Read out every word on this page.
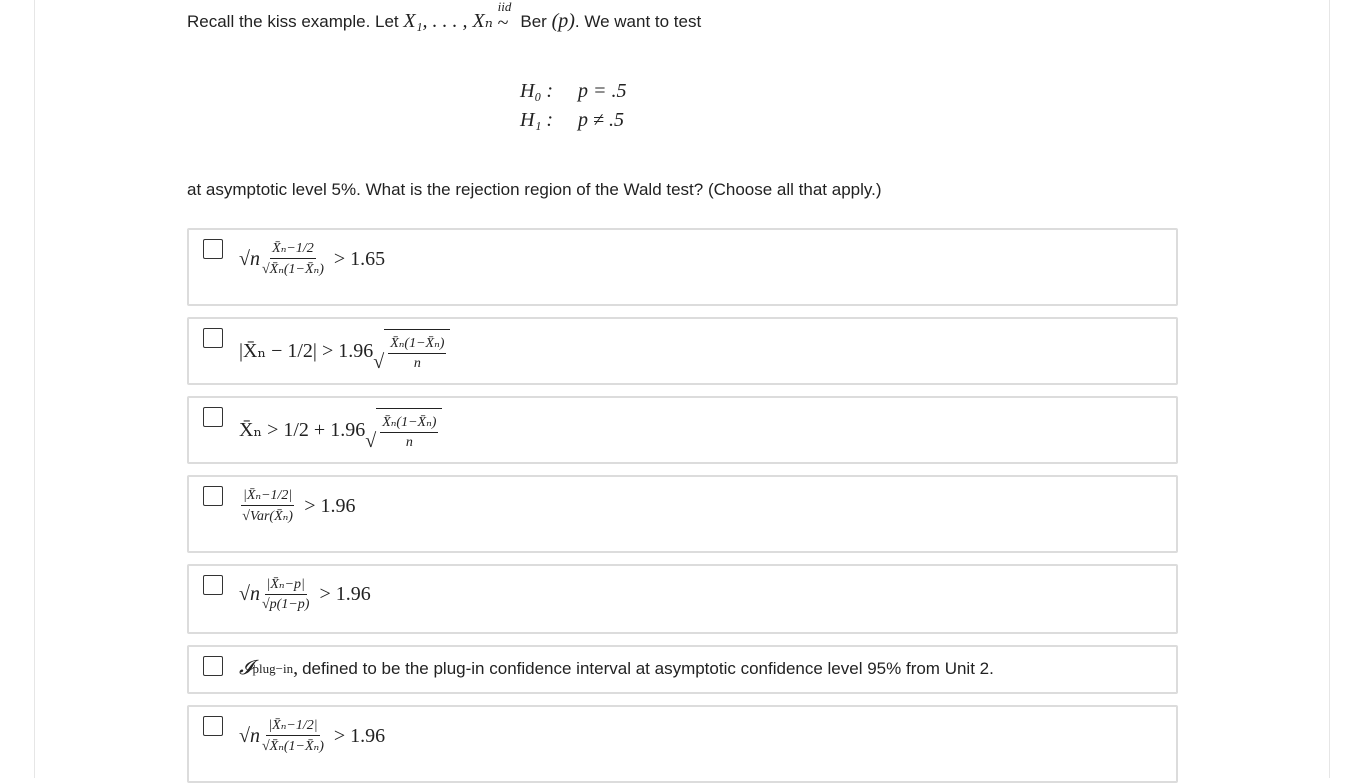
Recall the kiss example. Let X₁, . . . , Xₙ
iid
~ Ber (p). We want to test
H₀ : p = .5
H₁ : p ≠ .5
at asymptotic level 5%. What is the rejection region of the Wald test? (Choose all that apply.)
$√n \frac{\text{X̄ₙ−1/2}}{\text{√X̄ₙ(1−X̄ₙ)}} > 1.65$
|X̄ₙ − 1/2| > 1.96 √ $\frac{\text{X̄ₙ(1−X̄ₙ)}}{n}$
X̄ₙ > 1/2 + 1.96 √ $\frac{\text{X̄ₙ(1−X̄ₙ)}}{n}$
$\frac{\text{|X̄ₙ−1/2|}}{\text{√Var(X̄ₙ)}} > 1.96$
$√n \frac{\text{|X̄ₙ−p|}}{√p(1-p)} > 1.96$
𝓘 plug−in , defined to be the plug-in confidence interval at asymptotic confidence level 95% from Unit 2.
$√n \frac{\text{|X̄ₙ−1/2|}}{\text{√X̄ₙ(1−X̄ₙ)}} > 1.96$
